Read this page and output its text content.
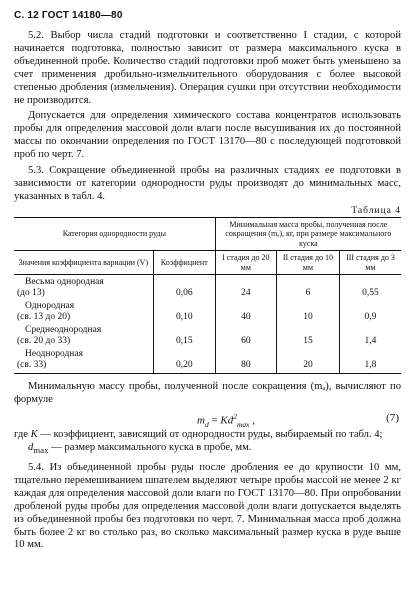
С. 12 ГОСТ 14180—80

5.2. Выбор числа стадий подготовки и соответственно I стадии, с которой начинается подготовка, полностью зависит от размера максимального куска в объединенной пробе. Количество стадий подготовки проб может быть уменьшено за счет применения дробильно-измельчительного оборудования с более высокой степенью дробления (измельчения). Операция сушки при отсутствии необходимости не производится.

Допускается для определения химического состава концентратов использовать пробы для определения массовой доли влаги после высушивания их до постоянной массы по окончании определения по ГОСТ 13170—80 с последующей подготовкой проб по черт. 7.

5.3. Сокращение объединенной пробы на различных стадиях ее подготовки в зависимости от категории однородности руды производят до минимальных масс, указанных в табл. 4.

Таблица 4
Категория однородности руды		Минимальная масса пробы, полученная после сокращения (mₐ), кг, при размере максимального куска		
Значения коэффициента вариации (V)	Коэффициент	I стадия до 20 мм	II стадия до 10 мм	III стадия до 3 мм

Весьма однородная
(до 13)	0,06	24	6	0,55

Однородная
(св. 13 до 20)	0,10	40	10	0,9

Среднеоднородная
(св. 20 до 33)	0,15	60	15	1,4

Неоднородная
(св. 33)	0,20	80	20	1,8

Минимальную массу пробы, полученной после сокращения (mₐ), вычисляют по формуле

$m_d = Kd^2_{max}$ ,	(7)
где K — коэффициент, зависящий от однородности руды, выбираемый по табл. 4;
$d_{max}$ — размер максимального куска в пробе, мм.

5.4. Из объединенной пробы руды после дробления ее до крупности 10 мм, тщательно перемешиванием шпателем выделяют четыре пробы массой не менее 2 кг каждая для определения массовой доли влаги по ГОСТ 13170—80. При опробовании дробленой руды пробы для определения массовой доли влаги допускается выделять из объединенной пробы без подготовки по черт. 7. Минимальная масса проб должна быть более 2 кг во столько раз, во сколько максимальный размер куска в руде выше 10 мм.
